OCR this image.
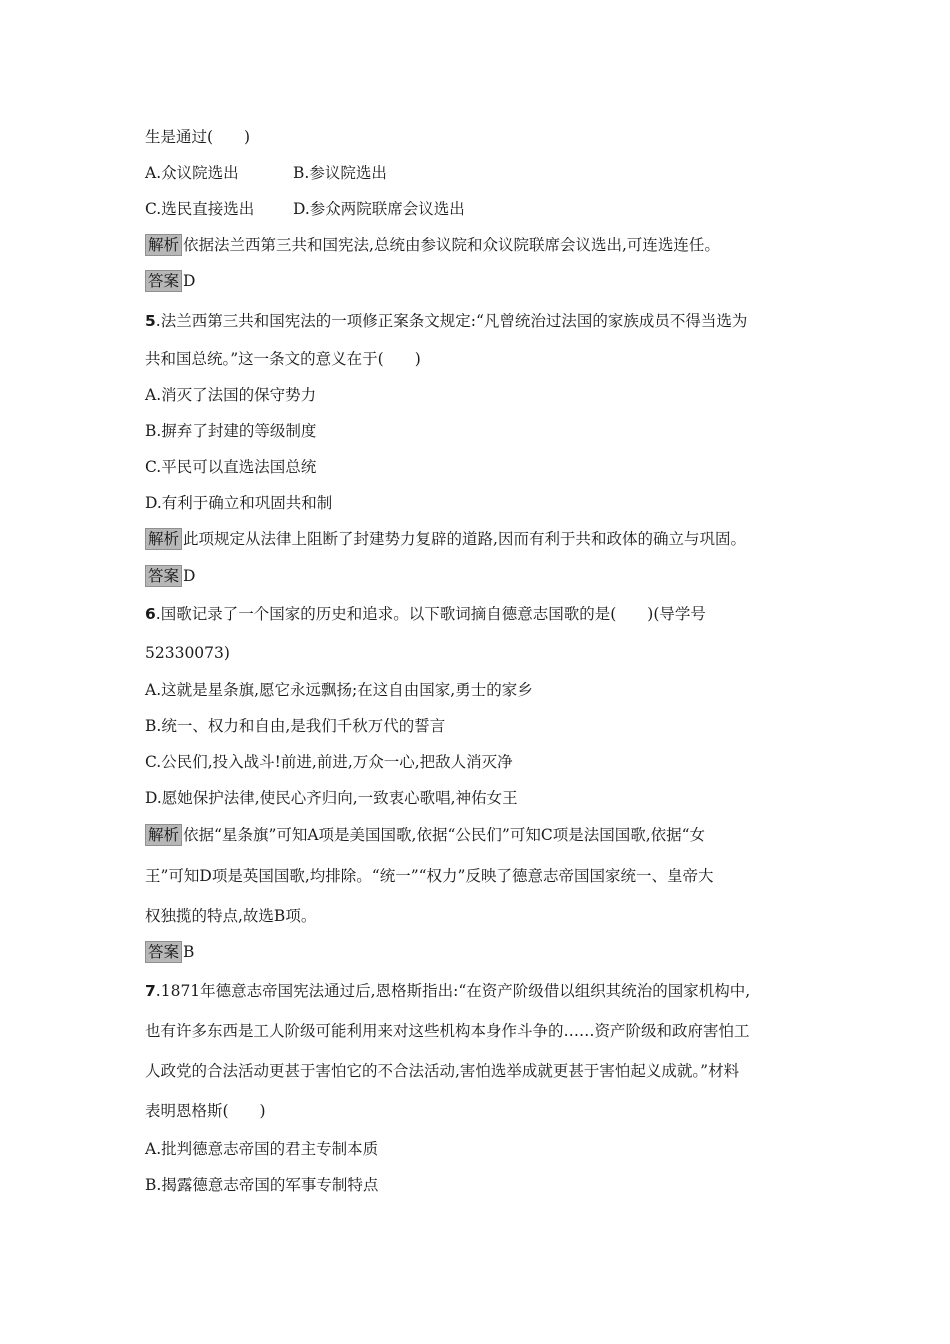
生是通过(　　)
A.众议院选出	B.参议院选出
C.选民直接选出	D.参众两院联席会议选出
解析 依据法兰西第三共和国宪法,总统由参议院和众议院联席会议选出,可连选连任。
答案 D
5.法兰西第三共和国宪法的一项修正案条文规定:“凡曾统治过法国的家族成员不得当选为
共和国总统。”这一条文的意义在于(　　)
A.消灭了法国的保守势力
B.摒弃了封建的等级制度
C.平民可以直选法国总统
D.有利于确立和巩固共和制
解析 此项规定从法律上阻断了封建势力复辟的道路,因而有利于共和政体的确立与巩固。
答案 D
6.国歌记录了一个国家的历史和追求。以下歌词摘自德意志国歌的是(　　)(导学号
52330073)
A.这就是星条旗,愿它永远飘扬;在这自由国家,勇士的家乡
B.统一、权力和自由,是我们千秋万代的誓言
C.公民们,投入战斗!前进,前进,万众一心,把敌人消灭净
D.愿她保护法律,使民心齐归向,一致衷心歌唱,神佑女王
解析 依据“星条旗”可知A项是美国国歌,依据“公民们”可知C项是法国国歌,依据“女
王”可知D项是英国国歌,均排除。“统一”“权力”反映了德意志帝国国家统一、皇帝大
权独揽的特点,故选B项。
答案 B
7.1871年德意志帝国宪法通过后,恩格斯指出:“在资产阶级借以组织其统治的国家机构中,
也有许多东西是工人阶级可能利用来对这些机构本身作斗争的……资产阶级和政府害怕工
人政党的合法活动更甚于害怕它的不合法活动,害怕选举成就更甚于害怕起义成就。”材料
表明恩格斯(　　)
A.批判德意志帝国的君主专制本质
B.揭露德意志帝国的军事专制特点
